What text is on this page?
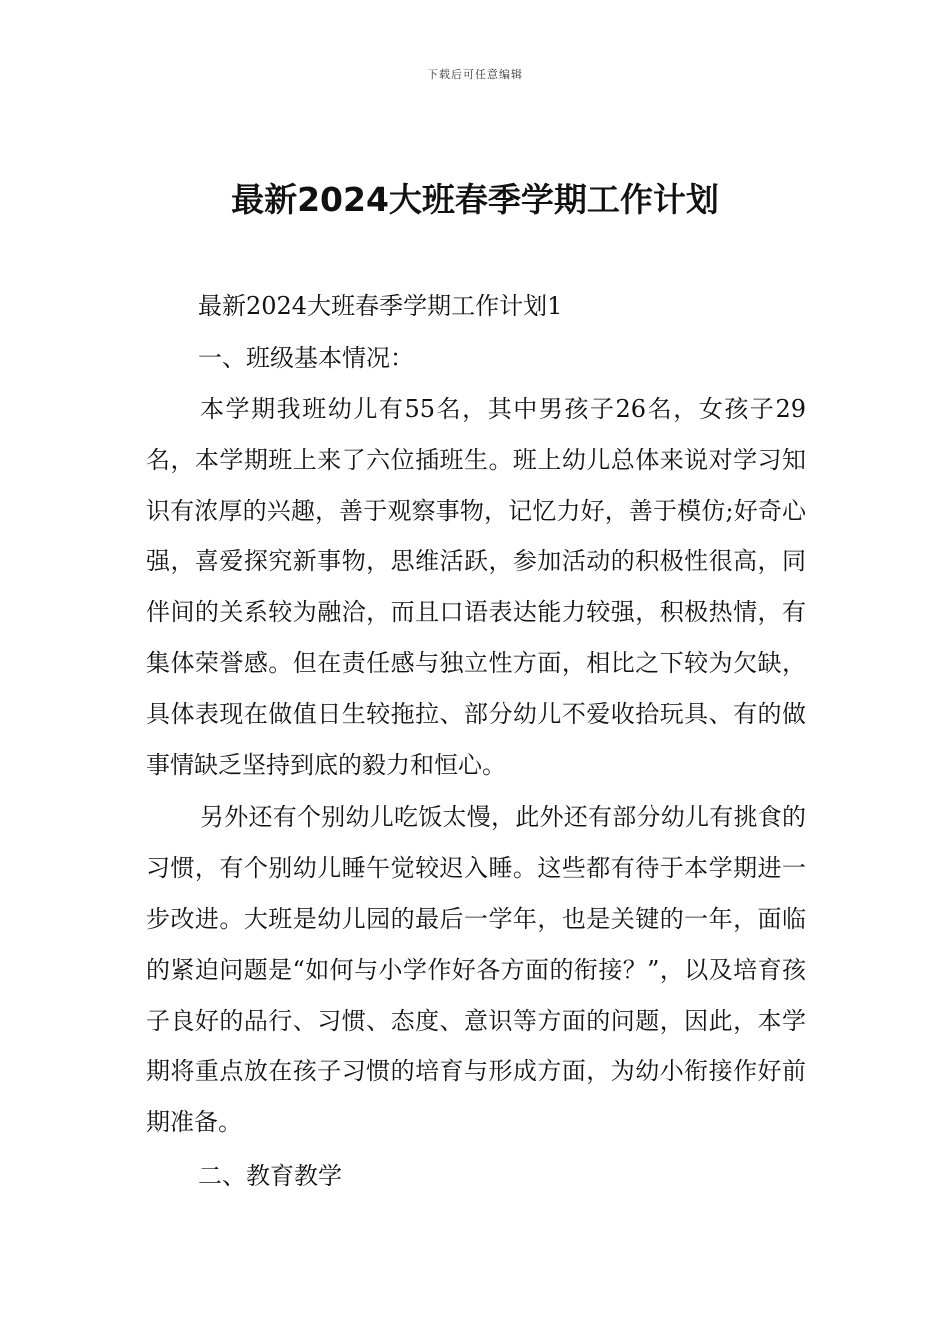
下载后可任意编辑
最新2024大班春季学期工作计划
最新2024大班春季学期工作计划1
一、班级基本情况：

本学期我班幼儿有55名，其中男孩子26名，女孩子29名，本学期班上来了六位插班生。班上幼儿总体来说对学习知识有浓厚的兴趣，善于观察事物，记忆力好，善于模仿;好奇心强，喜爱探究新事物，思维活跃，参加活动的积极性很高，同伴间的关系较为融洽，而且口语表达能力较强，积极热情，有集体荣誉感。但在责任感与独立性方面，相比之下较为欠缺，具体表现在做值日生较拖拉、部分幼儿不爱收拾玩具、有的做事情缺乏坚持到底的毅力和恒心。

另外还有个别幼儿吃饭太慢，此外还有部分幼儿有挑食的习惯，有个别幼儿睡午觉较迟入睡。这些都有待于本学期进一步改进。大班是幼儿园的最后一学年，也是关键的一年，面临的紧迫问题是“如何与小学作好各方面的衔接？”，以及培育孩子良好的品行、习惯、态度、意识等方面的问题，因此，本学期将重点放在孩子习惯的培育与形成方面，为幼小衔接作好前期准备。

二、教育教学
